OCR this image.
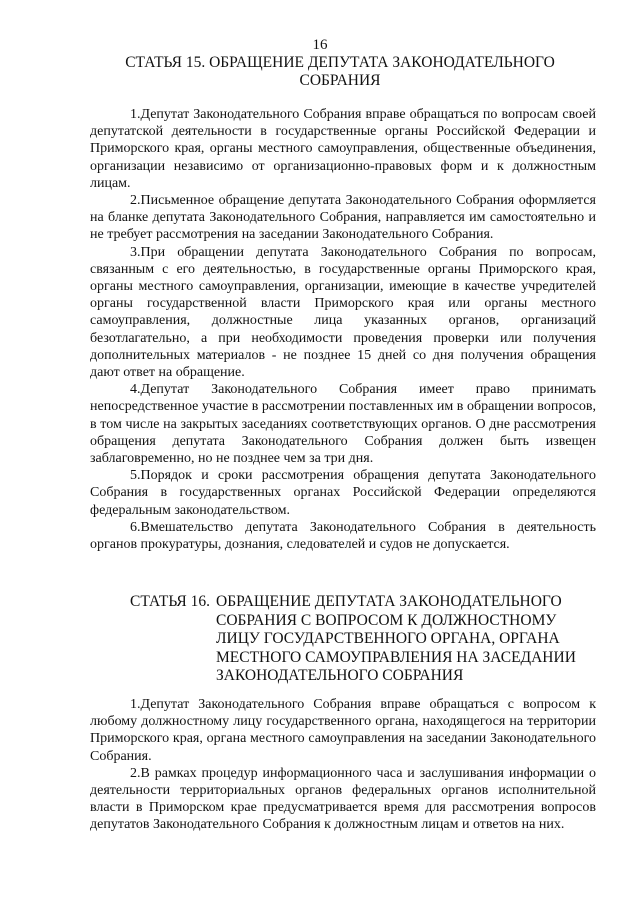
16
СТАТЬЯ 15. ОБРАЩЕНИЕ ДЕПУТАТА ЗАКОНОДАТЕЛЬНОГО СОБРАНИЯ

1.Депутат Законодательного Собрания вправе обращаться по вопросам своей депутатской деятельности в государственные органы Российской Федерации и Приморского края, органы местного самоуправления, общественные объединения, организации независимо от организационно-правовых форм и к должностным лицам.

2.Письменное обращение депутата Законодательного Собрания оформляется на бланке депутата Законодательного Собрания, направляется им самостоятельно и не требует рассмотрения на заседании Законодательного Собрания.

3.При обращении депутата Законодательного Собрания по вопросам, связанным с его деятельностью, в государственные органы Приморского края, органы местного самоуправления, организации, имеющие в качестве учредителей органы государственной власти Приморского края или органы местного самоуправления, должностные лица указанных органов, организаций безотлагательно, а при необходимости проведения проверки или получения дополнительных материалов - не позднее 15 дней со дня получения обращения дают ответ на обращение.

4.Депутат Законодательного Собрания имеет право принимать непосредственное участие в рассмотрении поставленных им в обращении вопросов, в том числе на закрытых заседаниях соответствующих органов. О дне рассмотрения обращения депутата Законодательного Собрания должен быть извещен заблаговременно, но не позднее чем за три дня.

5.Порядок и сроки рассмотрения обращения депутата Законодательного Собрания в государственных органах Российской Федерации определяются федеральным законодательством.

6.Вмешательство депутата Законодательного Собрания в деятельность органов прокуратуры, дознания, следователей и судов не допускается.

СТАТЬЯ 16. ОБРАЩЕНИЕ ДЕПУТАТА ЗАКОНОДАТЕЛЬНОГО СОБРАНИЯ С ВОПРОСОМ К ДОЛЖНОСТНОМУ ЛИЦУ ГОСУДАРСТВЕННОГО ОРГАНА, ОРГАНА МЕСТНОГО САМОУПРАВЛЕНИЯ НА ЗАСЕДАНИИ ЗАКОНОДАТЕЛЬНОГО СОБРАНИЯ

1.Депутат Законодательного Собрания вправе обращаться с вопросом к любому должностному лицу государственного органа, находящегося на территории Приморского края, органа местного самоуправления на заседании Законодательного Собрания.

2.В рамках процедур информационного часа и заслушивания информации о деятельности территориальных органов федеральных органов исполнительной власти в Приморском крае предусматривается время для рассмотрения вопросов депутатов Законодательного Собрания к должностным лицам и ответов на них.
